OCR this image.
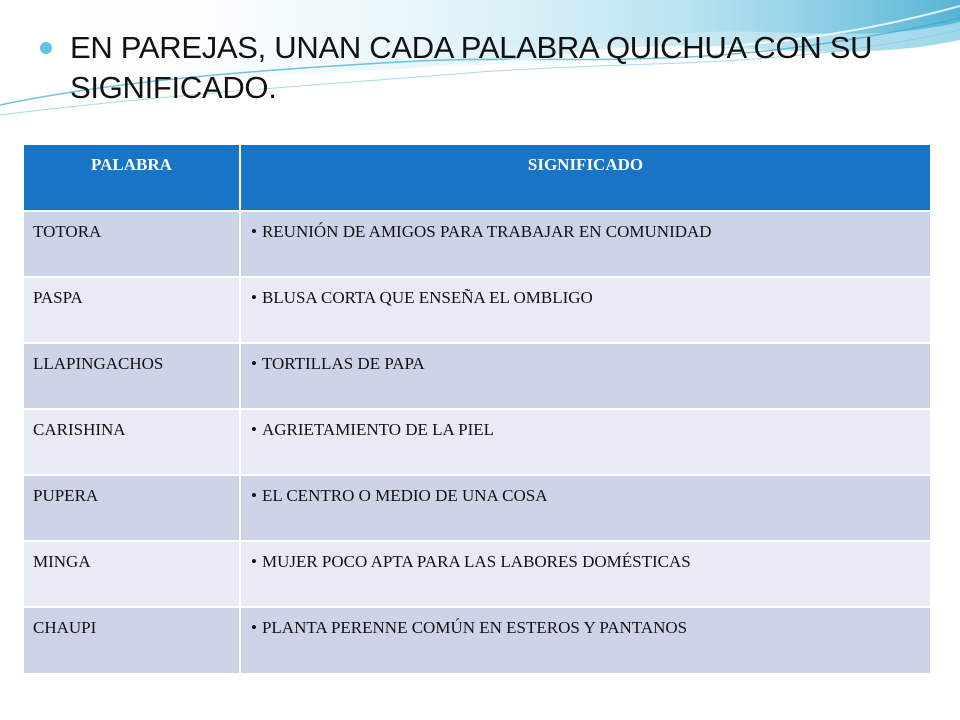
EN PAREJAS, UNAN CADA PALABRA QUICHUA CON SU SIGNIFICADO.
PALABRA	SIGNIFICADO
TOTORA	• REUNIÓN DE AMIGOS PARA TRABAJAR EN COMUNIDAD
PASPA	• BLUSA CORTA QUE ENSEÑA EL OMBLIGO
LLAPINGACHOS	• TORTILLAS DE PAPA
CARISHINA	• AGRIETAMIENTO DE LA PIEL
PUPERA	• EL CENTRO O MEDIO DE UNA COSA
MINGA	• MUJER POCO APTA PARA LAS LABORES DOMÉSTICAS
CHAUPI	• PLANTA PERENNE COMÚN EN ESTEROS Y PANTANOS
